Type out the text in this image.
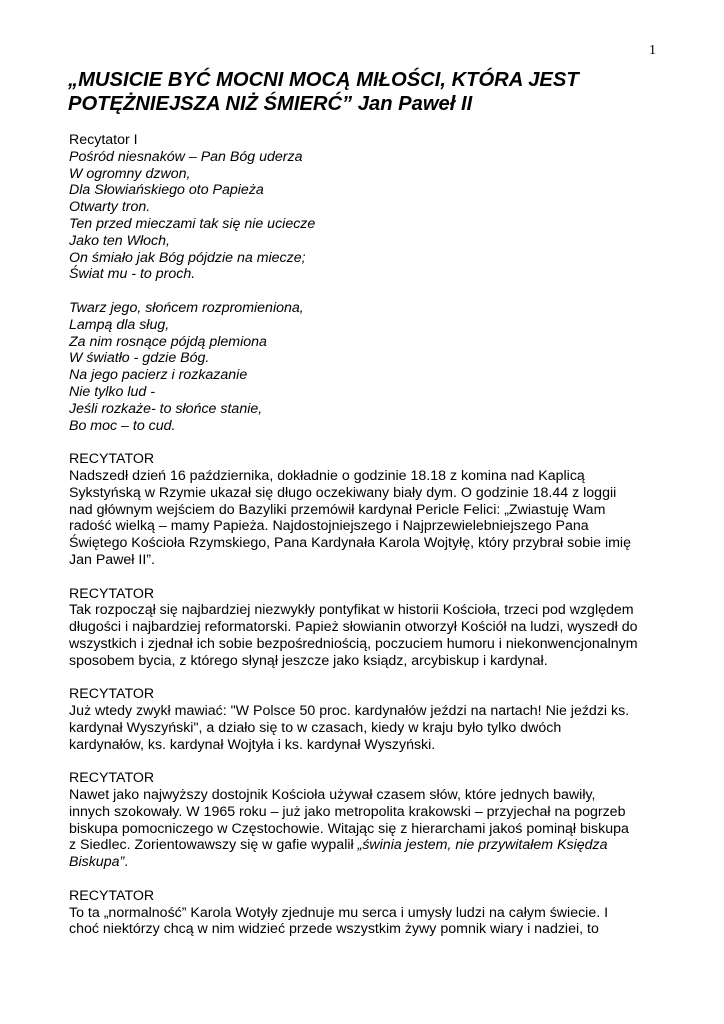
1
„MUSICIE BYĆ MOCNI MOCĄ MIŁOŚCI, KTÓRA JEST
POTĘŻNIEJSZA NIŻ ŚMIERĆ” Jan Paweł II
Recytator I
Pośród niesnaków – Pan Bóg uderza
W ogromny dzwon,
Dla Słowiańskiego oto Papieża
Otwarty tron.
Ten przed mieczami tak się nie uciecze
Jako ten Włoch,
On śmiało jak Bóg pójdzie na miecze;
Świat mu - to proch.
Twarz jego, słońcem rozpromieniona,
Lampą dla sług,
Za nim rosnące pójdą plemiona
W światło - gdzie Bóg.
Na jego pacierz i rozkazanie
Nie tylko lud -
Jeśli rozkaże- to słońce stanie,
Bo moc – to cud.
RECYTATOR
Nadszedł dzień 16 października, dokładnie o godzinie 18.18 z komina nad Kaplicą
Sykstyńską w Rzymie ukazał się długo oczekiwany biały dym. O godzinie 18.44 z loggii
nad głównym wejściem do Bazyliki przemówił kardynał Pericle Felici: „Zwiastuję Wam
radość wielką – mamy Papieża. Najdostojniejszego i Najprzewielebniejszego Pana
Świętego Kościoła Rzymskiego, Pana Kardynała Karola Wojtyłę, który przybrał sobie imię
Jan Paweł II”.
RECYTATOR
Tak rozpoczął się najbardziej niezwykły pontyfikat w historii Kościoła, trzeci pod względem
długości i najbardziej reformatorski. Papież słowianin otworzył Kościół na ludzi, wyszedł do
wszystkich i zjednał ich sobie bezpośredniością, poczuciem humoru i niekonwencjonalnym
sposobem bycia, z którego słynął jeszcze jako ksiądz, arcybiskup i kardynał.
RECYTATOR
Już wtedy zwykł mawiać: "W Polsce 50 proc. kardynałów jeździ na nartach! Nie jeździ ks.
kardynał Wyszyński", a działo się to w czasach, kiedy w kraju było tylko dwóch
kardynałów, ks. kardynał Wojtyła i ks. kardynał Wyszyński.
RECYTATOR
Nawet jako najwyższy dostojnik Kościoła używał czasem słów, które jednych bawiły,
innych szokowały. W 1965 roku – już jako metropolita krakowski – przyjechał na pogrzeb
biskupa pomocniczego w Częstochowie. Witając się z hierarchami jakoś pominął biskupa
z Siedlec. Zorientowawszy się w gafie wypalił „świnia jestem, nie przywitałem Księdza
Biskupa”.
RECYTATOR
To ta „normalność” Karola Wotyły zjednuje mu serca i umysły ludzi na całym świecie. I
choć niektórzy chcą w nim widzieć przede wszystkim żywy pomnik wiary i nadziei, to
